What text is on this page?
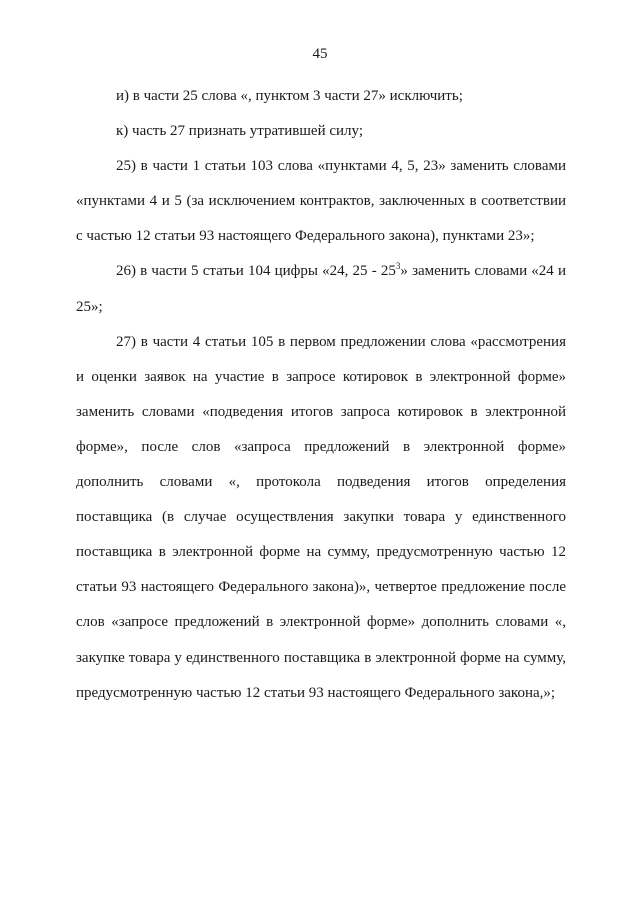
45

и) в части 25 слова «, пунктом 3 части 27» исключить;

к) часть 27 признать утратившей силу;

25) в части 1 статьи 103 слова «пунктами 4, 5, 23» заменить словами «пунктами 4 и 5 (за исключением контрактов, заключенных в соответствии с частью 12 статьи 93 настоящего Федерального закона), пунктами 23»;

26) в части 5 статьи 104 цифры «24, $25 - 25^3$» заменить словами «24 и 25»;

27) в части 4 статьи 105 в первом предложении слова «рассмотрения и оценки заявок на участие в запросе котировок в электронной форме» заменить словами «подведения итогов запроса котировок в электронной форме», после слов «запроса предложений в электронной форме» дополнить словами «, протокола подведения итогов определения поставщика (в случае осуществления закупки товара у единственного поставщика в электронной форме на сумму, предусмотренную частью 12 статьи 93 настоящего Федерального закона)», четвертое предложение после слов «запросе предложений в электронной форме» дополнить словами «, закупке товара у единственного поставщика в электронной форме на сумму, предусмотренную частью 12 статьи 93 настоящего Федерального закона,»;
